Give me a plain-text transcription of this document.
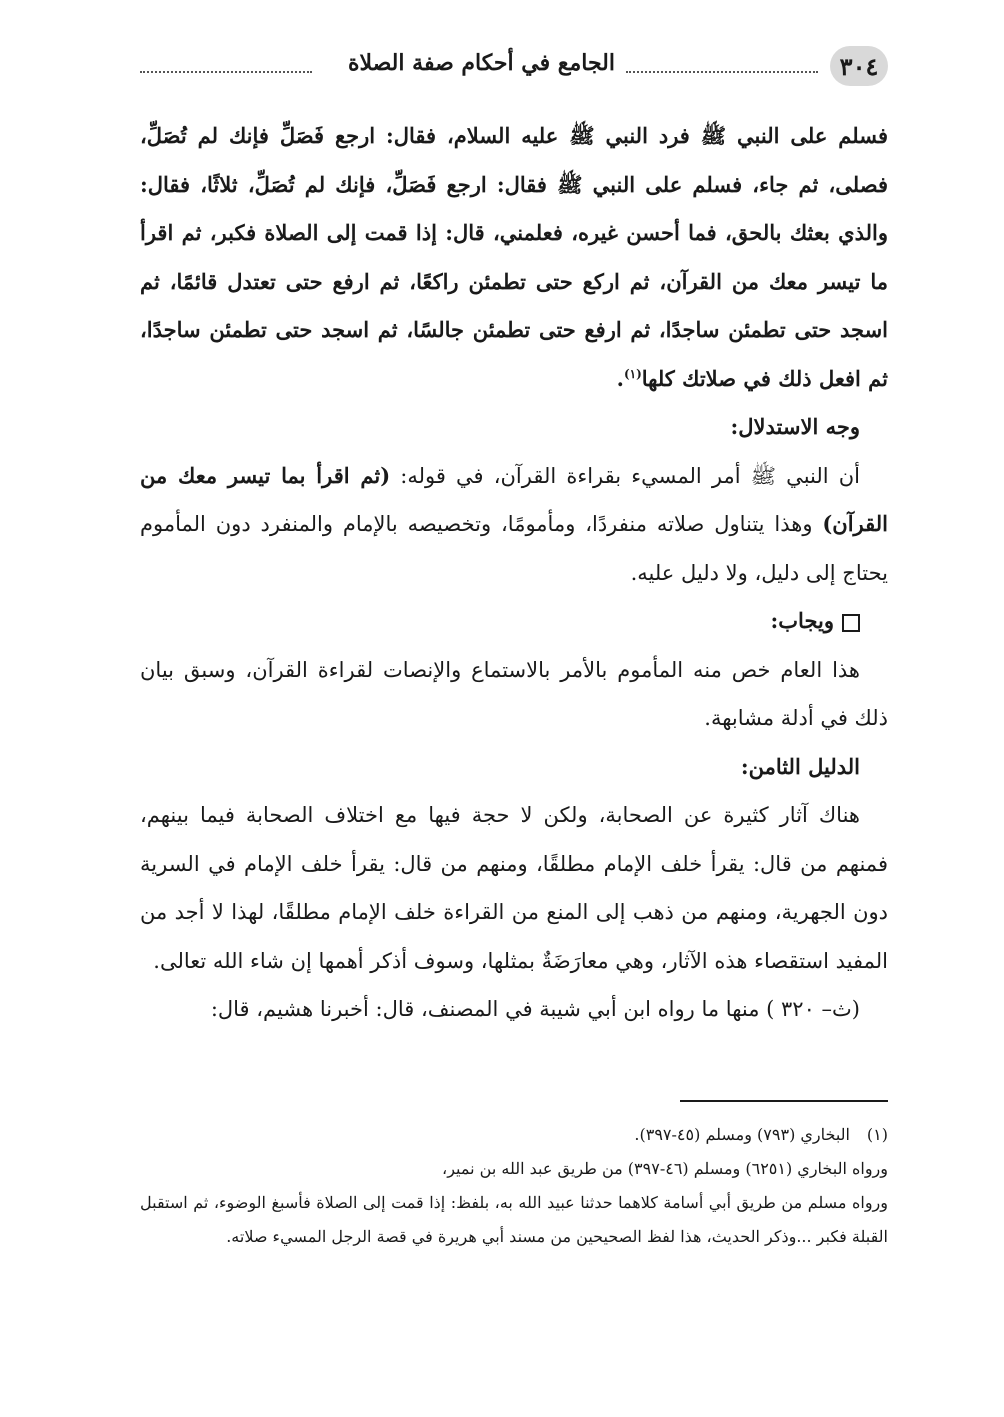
٣٠٤
الجامع في أحكام صفة الصلاة

فسلم على النبي ﷺ فرد النبي ﷺ عليه السلام، فقال: ارجع فَصَلِّ فإنك لم تُصَلِّ، فصلى، ثم جاء، فسلم على النبي ﷺ فقال: ارجع فَصَلِّ، فإنك لم تُصَلِّ، ثلاثًا، فقال: والذي بعثك بالحق، فما أحسن غيره، فعلمني، قال: إذا قمت إلى الصلاة فكبر، ثم اقرأ ما تيسر معك من القرآن، ثم اركع حتى تطمئن راكعًا، ثم ارفع حتى تعتدل قائمًا، ثم اسجد حتى تطمئن ساجدًا، ثم ارفع حتى تطمئن جالسًا، ثم اسجد حتى تطمئن ساجدًا، ثم افعل ذلك في صلاتك كلها$^{(١)}$.

وجه الاستدلال:

أن النبي ﷺ أمر المسيء بقراءة القرآن، في قوله: (ثم اقرأ بما تيسر معك من القرآن) وهذا يتناول صلاته منفردًا، ومأمومًا، وتخصيصه بالإمام والمنفرد دون المأموم يحتاج إلى دليل، ولا دليل عليه.

ويجاب:

هذا العام خص منه المأموم بالأمر بالاستماع والإنصات لقراءة القرآن، وسبق بيان ذلك في أدلة مشابهة.

الدليل الثامن:

هناك آثار كثيرة عن الصحابة، ولكن لا حجة فيها مع اختلاف الصحابة فيما بينهم، فمنهم من قال: يقرأ خلف الإمام مطلقًا، ومنهم من قال: يقرأ خلف الإمام في السرية دون الجهرية، ومنهم من ذهب إلى المنع من القراءة خلف الإمام مطلقًا، لهذا لا أجد من المفيد استقصاء هذه الآثار، وهي معارَضَةٌ بمثلها، وسوف أذكر أهمها إن شاء الله تعالى.

(ث– ٣٢٠ ) منها ما رواه ابن أبي شيبة في المصنف، قال: أخبرنا هشيم، قال:

(١)البخاري (٧٩٣) ومسلم (٤٥-٣٩٧).

ورواه البخاري (٦٢٥١) ومسلم (٤٦-٣٩٧) من طريق عبد الله بن نمير،

ورواه مسلم من طريق أبي أسامة كلاهما حدثنا عبيد الله به، بلفظ: إذا قمت إلى الصلاة فأسبغ الوضوء، ثم استقبل القبلة فكبر ...وذكر الحديث، هذا لفظ الصحيحين من مسند أبي هريرة في قصة الرجل المسيء صلاته.
